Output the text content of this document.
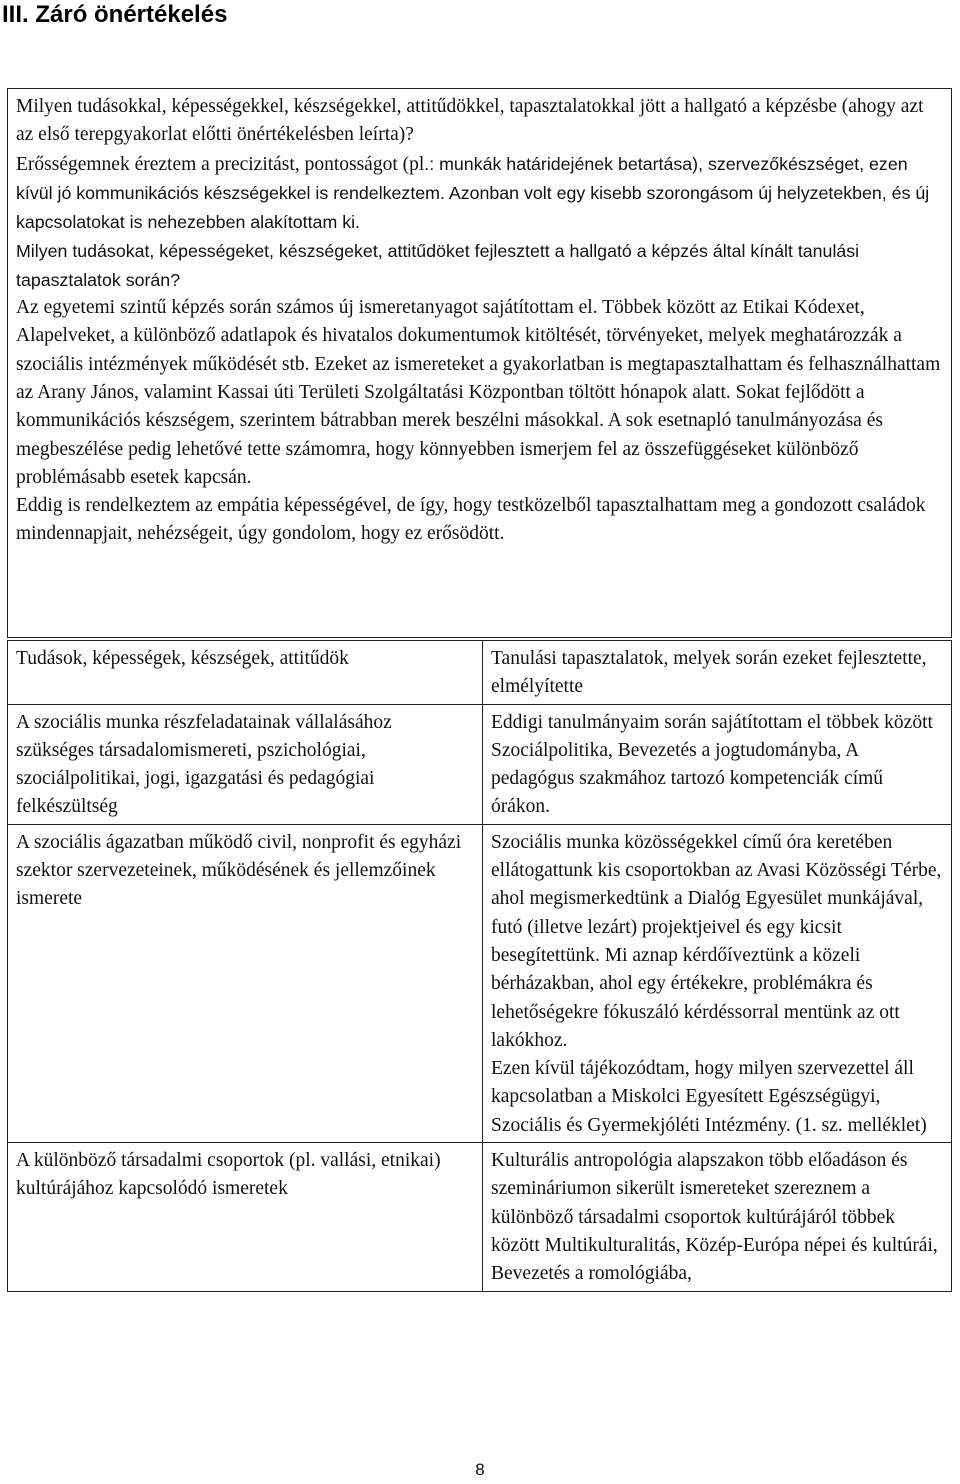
III. Záró önértékelés

Milyen tudásokkal, képességekkel, készségekkel, attitűdökkel, tapasztalatokkal jött a hallgató a képzésbe (ahogy azt az első terepgyakorlat előtti önértékelésben leírta)?

Erősségemnek éreztem a precizitást, pontosságot (pl.: munkák határidejének betartása), szervezőkészséget, ezen kívül jó kommunikációs készségekkel is rendelkeztem. Azonban volt egy kisebb szorongásom új helyzetekben, és új kapcsolatokat is nehezebben alakítottam ki.

Milyen tudásokat, képességeket, készségeket, attitűdöket fejlesztett a hallgató a képzés által kínált tanulási tapasztalatok során?

Az egyetemi szintű képzés során számos új ismeretanyagot sajátítottam el. Többek között az Etikai Kódexet, Alapelveket, a különböző adatlapok és hivatalos dokumentumok kitöltését, törvényeket, melyek meghatározzák a szociális intézmények működését stb. Ezeket az ismereteket a gyakorlatban is megtapasztalhattam és felhasználhattam az Arany János, valamint Kassai úti Területi Szolgáltatási Központban töltött hónapok alatt. Sokat fejlődött a kommunikációs készségem, szerintem bátrabban merek beszélni másokkal. A sok esetnapló tanulmányozása és megbeszélése pedig lehetővé tette számomra, hogy könnyebben ismerjem fel az összefüggéseket különböző problémásabb esetek kapcsán.

Eddig is rendelkeztem az empátia képességével, de így, hogy testközelből tapasztalhattam meg a gondozott családok mindennapjait, nehézségeit, úgy gondolom, hogy ez erősödött.

Tudások, képességek, készségek, attitűdök	Tanulási tapasztalatok, melyek során ezeket fejlesztette, elmélyítette
A szociális munka részfeladatainak vállalásához szükséges társadalomismereti, pszichológiai, szociálpolitikai, jogi, igazgatási és pedagógiai felkészültség	Eddigi tanulmányaim során sajátítottam el többek között Szociálpolitika, Bevezetés a jogtudományba, A pedagógus szakmához tartozó kompetenciák című órákon.
A szociális ágazatban működő civil, nonprofit és egyházi szektor szervezeteinek, működésének és jellemzőinek ismerete	Szociális munka közösségekkel című óra keretében ellátogattunk kis csoportokban az Avasi Közösségi Térbe, ahol megismerkedtünk a Dialóg Egyesület munkájával, futó (illetve lezárt) projektjeivel és egy kicsit besegítettünk. Mi aznap kérdőíveztünk a közeli bérházakban, ahol egy értékekre, problémákra és lehetőségekre fókuszáló kérdéssorral mentünk az ott lakókhoz.
Ezen kívül tájékozódtam, hogy milyen szervezettel áll kapcsolatban a Miskolci Egyesített Egészségügyi, Szociális és Gyermekjóléti Intézmény. (1. sz. melléklet)

A különböző társadalmi csoportok (pl. vallási, etnikai) kultúrájához kapcsolódó ismeretek	Kulturális antropológia alapszakon több előadáson és szemináriumon sikerült ismereteket szereznem a különböző társadalmi csoportok kultúrájáról többek között Multikulturalitás, Közép-Európa népei és kultúrái, Bevezetés a romológiába,
8
